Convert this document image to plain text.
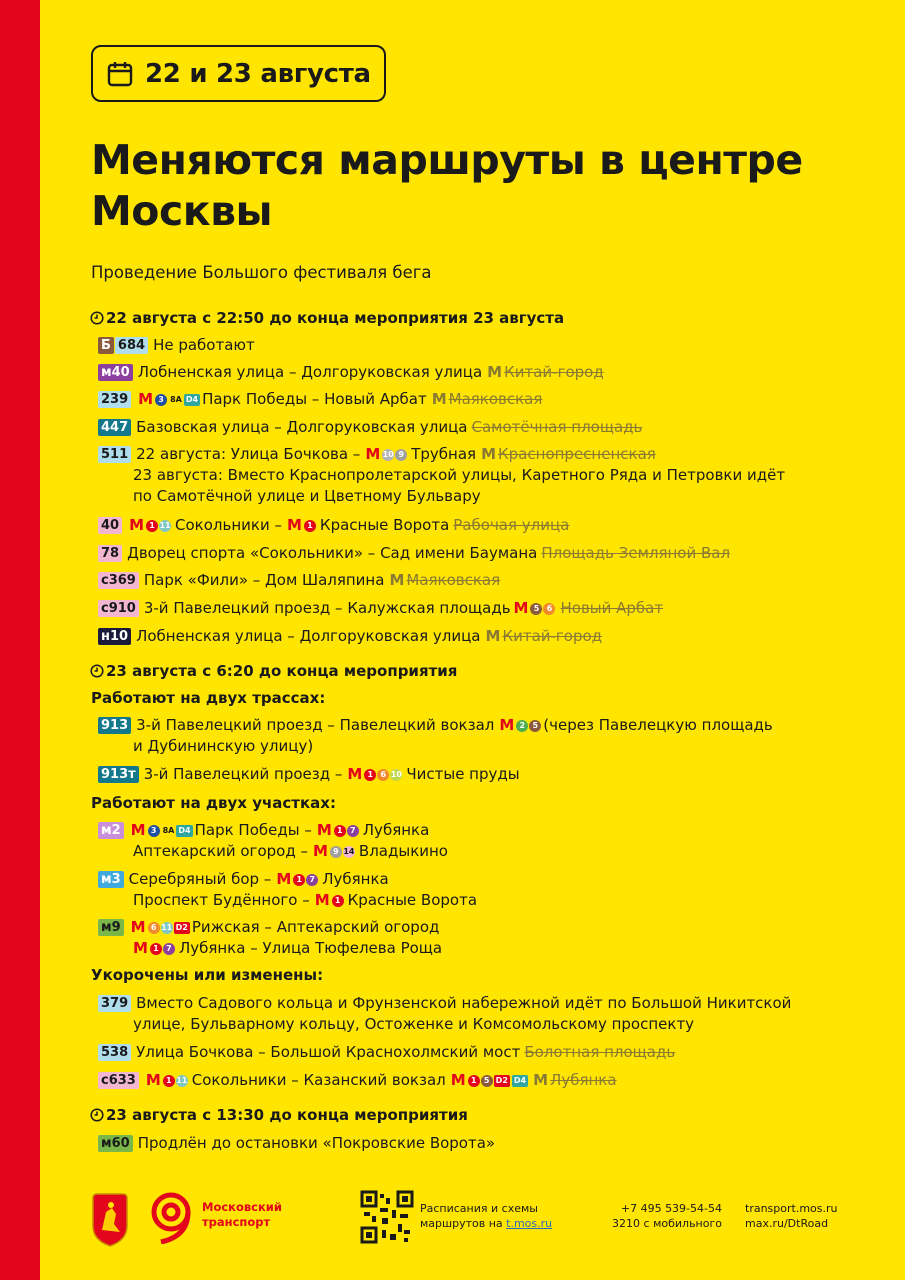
22 и 23 августа
Меняются маршруты в центре
Москвы
Проведение Большого фестиваля бега
22 августа с 22:50 до конца мероприятия 23 августа
Б 684 Не работают
м40 Лобненская улица – Долгоруковская улица М Китай-город
239 М 3 8А D4 Парк Победы – Новый Арбат М Маяковская
447 Базовская улица – Долгоруковская улица Самотёчная площадь
511 22 августа: Улица Бочкова – М 10 9 Трубная М Краснопресненская
23 августа: Вместо Краснопролетарской улицы, Каретного Ряда и Петровки идёт
по Самотёчной улице и Цветному Бульвару
40 М 1 11 Сокольники – М 1 Красные Ворота Рабочая улица
78 Дворец спорта «Сокольники» – Сад имени Баумана Площадь Земляной Вал
с369 Парк «Фили» – Дом Шаляпина М Маяковская
с910 3-й Павелецкий проезд – Калужская площадь М 5 6 Новый Арбат
н10 Лобненская улица – Долгоруковская улица М Китай-город
23 августа с 6:20 до конца мероприятия
Работают на двух трассах:
913 3-й Павелецкий проезд – Павелецкий вокзал М 2 5 (через Павелецкую площадь
и Дубининскую улицу)
913т 3-й Павелецкий проезд – М 1 6 10 Чистые пруды
Работают на двух участках:
м2 М 3 8А D4 Парк Победы – М 1 7 Лубянка
Аптекарский огород – М 9 14 Владыкино
м3 Серебряный бор – М 1 7 Лубянка
Проспект Будённого – М 1 Красные Ворота
м9 М 6 11 D2 Рижская – Аптекарский огород
М 1 7 Лубянка – Улица Тюфелева Роща
Укорочены или изменены:
379 Вместо Садового кольца и Фрунзенской набережной идёт по Большой Никитской
улице, Бульварному кольцу, Остоженке и Комсомольскому проспекту
538 Улица Бочкова – Большой Краснохолмский мост Болотная площадь
с633 М 1 11 Сокольники – Казанский вокзал М 1 5 D2 D4 М Лубянка
23 августа с 13:30 до конца мероприятия
м60 Продлён до остановки «Покровские Ворота»
Московский
транспорт
Расписания и схемы
маршрутов на t.mos.ru
+7 495 539-54-54
3210 с мобильного
transport.mos.ru
max.ru/DtRoad
